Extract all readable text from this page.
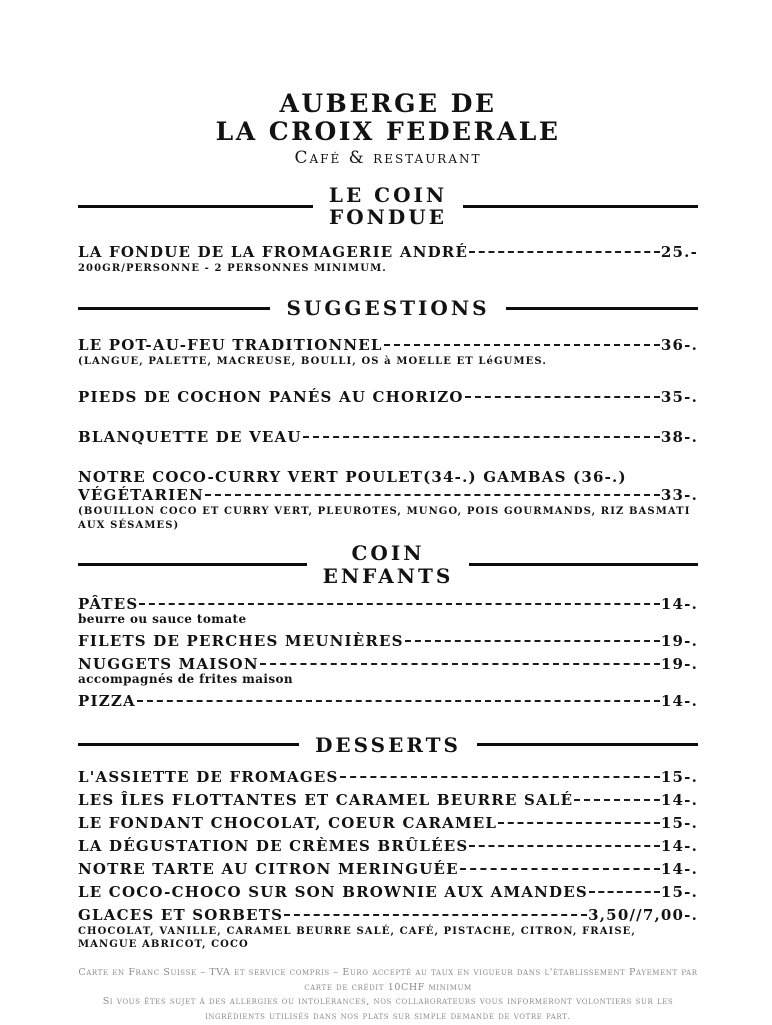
AUBERGE DE
LA CROIX FEDERALE
Café & restaurant
LE COIN
FONDUE
LA FONDUE DE LA FROMAGERIE ANDRÉ	25.-
200GR/PERSONNE - 2 PERSONNES MINIMUM.
SUGGESTIONS
LE POT-AU-FEU TRADITIONNEL	36-.
(LANGUE, PALETTE, MACREUSE, BOULLI, OS à MOELLE ET LéGUMES.
PIEDS DE COCHON PANÉS AU CHORIZO	35-.
BLANQUETTE DE VEAU	38-.
NOTRE COCO-CURRY VERT POULET(34-.) GAMBAS (36-.)
VÉGÉTARIEN	33-.
(BOUILLON COCO ET CURRY VERT, PLEUROTES, MUNGO, POIS GOURMANDS, RIZ BASMATI AUX SÉSAMES)
COIN
ENFANTS
PÂTES	14-.
beurre ou sauce tomate
FILETS DE PERCHES MEUNIÈRES	19-.
NUGGETS MAISON	19-.
accompagnés de frites maison
PIZZA	14-.
DESSERTS
L'ASSIETTE DE FROMAGES	15-.
LES ÎLES FLOTTANTES ET CARAMEL BEURRE SALÉ	14-.
LE FONDANT CHOCOLAT, COEUR CARAMEL	15-.
LA DÉGUSTATION DE CRÈMES BRÛLÉES	14-.
NOTRE TARTE AU CITRON MERINGUÉE	14-.
LE COCO-CHOCO SUR SON BROWNIE AUX AMANDES	15-.
GLACES ET SORBETS	3,50//7,00-.
CHOCOLAT, VANILLE, CARAMEL BEURRE SALÉ, CAFÉ, PISTACHE, CITRON, FRAISE, MANGUE ABRICOT, COCO

Carte en Franc Suisse – TVA et service compris – Euro accepté au taux en vigueur dans l'établissement Payement par carte de crédit 10CHF minimum

Si vous êtes sujet à des allergies ou intolérances, nos collaborateurs vous informeront volontiers sur les ingrédients utilisés dans nos plats sur simple demande de votre part.
